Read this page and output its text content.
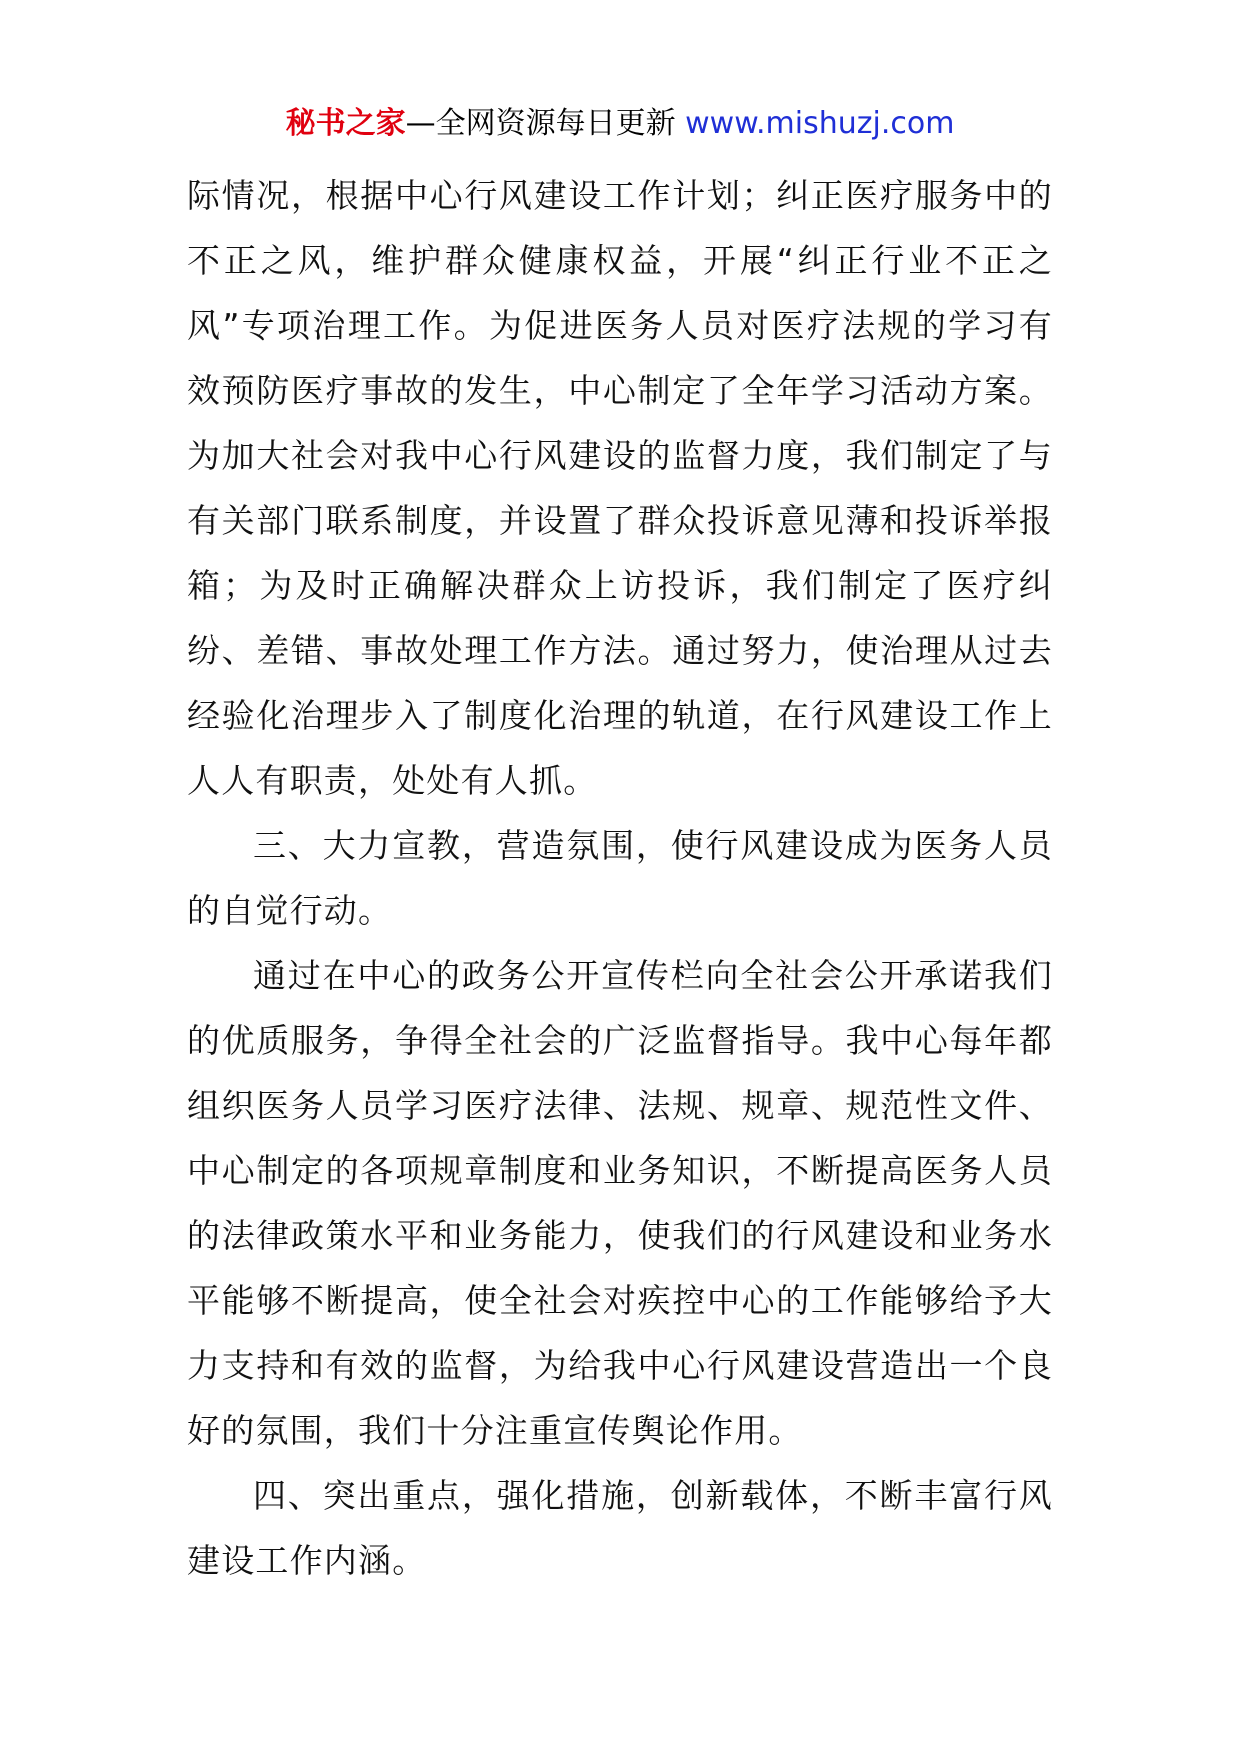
秘书之家—全网资源每日更新 www.mishuzj.com

际情况，根据中心行风建设工作计划；纠正医疗服务中的不正之风，维护群众健康权益，开展“纠正行业不正之风”专项治理工作。为促进医务人员对医疗法规的学习有效预防医疗事故的发生，中心制定了全年学习活动方案。为加大社会对我中心行风建设的监督力度，我们制定了与有关部门联系制度，并设置了群众投诉意见薄和投诉举报箱；为及时正确解决群众上访投诉，我们制定了医疗纠纷、差错、事故处理工作方法。通过努力，使治理从过去经验化治理步入了制度化治理的轨道，在行风建设工作上人人有职责，处处有人抓。

三、大力宣教，营造氛围，使行风建设成为医务人员的自觉行动。

通过在中心的政务公开宣传栏向全社会公开承诺我们的优质服务，争得全社会的广泛监督指导。我中心每年都组织医务人员学习医疗法律、法规、规章、规范性文件、中心制定的各项规章制度和业务知识，不断提高医务人员的法律政策水平和业务能力，使我们的行风建设和业务水平能够不断提高，使全社会对疾控中心的工作能够给予大力支持和有效的监督，为给我中心行风建设营造出一个良好的氛围，我们十分注重宣传舆论作用。

四、突出重点，强化措施，创新载体，不断丰富行风建设工作内涵。
